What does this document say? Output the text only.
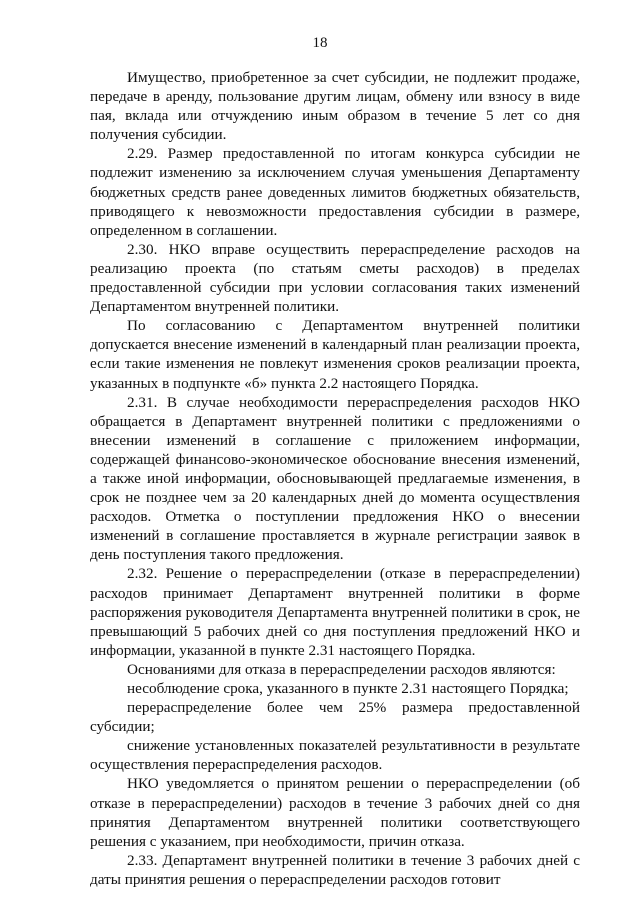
18

Имущество, приобретенное за счет субсидии, не подлежит продаже, передаче в аренду, пользование другим лицам, обмену или взносу в виде пая, вклада или отчуждению иным образом в течение 5 лет со дня получения субсидии.

2.29. Размер предоставленной по итогам конкурса субсидии не подлежит изменению за исключением случая уменьшения Департаменту бюджетных средств ранее доведенных лимитов бюджетных обязательств, приводящего к невозможности предоставления субсидии в размере, определенном в соглашении.

2.30. НКО вправе осуществить перераспределение расходов на реализацию проекта (по статьям сметы расходов) в пределах предоставленной субсидии при условии согласования таких изменений Департаментом внутренней политики.

По согласованию с Департаментом внутренней политики допускается внесение изменений в календарный план реализации проекта, если такие изменения не повлекут изменения сроков реализации проекта, указанных в подпункте «б» пункта 2.2 настоящего Порядка.

2.31. В случае необходимости перераспределения расходов НКО обращается в Департамент внутренней политики с предложениями о внесении изменений в соглашение с приложением информации, содержащей финансово-экономическое обоснование внесения изменений, а также иной информации, обосновывающей предлагаемые изменения, в срок не позднее чем за 20 календарных дней до момента осуществления расходов. Отметка о поступлении предложения НКО о внесении изменений в соглашение проставляется в журнале регистрации заявок в день поступления такого предложения.

2.32. Решение о перераспределении (отказе в перераспределении) расходов принимает Департамент внутренней политики в форме распоряжения руководителя Департамента внутренней политики в срок, не превышающий 5 рабочих дней со дня поступления предложений НКО и информации, указанной в пункте 2.31 настоящего Порядка.

Основаниями для отказа в перераспределении расходов являются:

несоблюдение срока, указанного в пункте 2.31 настоящего Порядка;

перераспределение более чем 25% размера предоставленной субсидии;

снижение установленных показателей результативности в результате осуществления перераспределения расходов.

НКО уведомляется о принятом решении о перераспределении (об отказе в перераспределении) расходов в течение 3 рабочих дней со дня принятия Департаментом внутренней политики соответствующего решения с указанием, при необходимости, причин отказа.

2.33. Департамент внутренней политики в течение 3 рабочих дней с даты принятия решения о перераспределении расходов готовит
